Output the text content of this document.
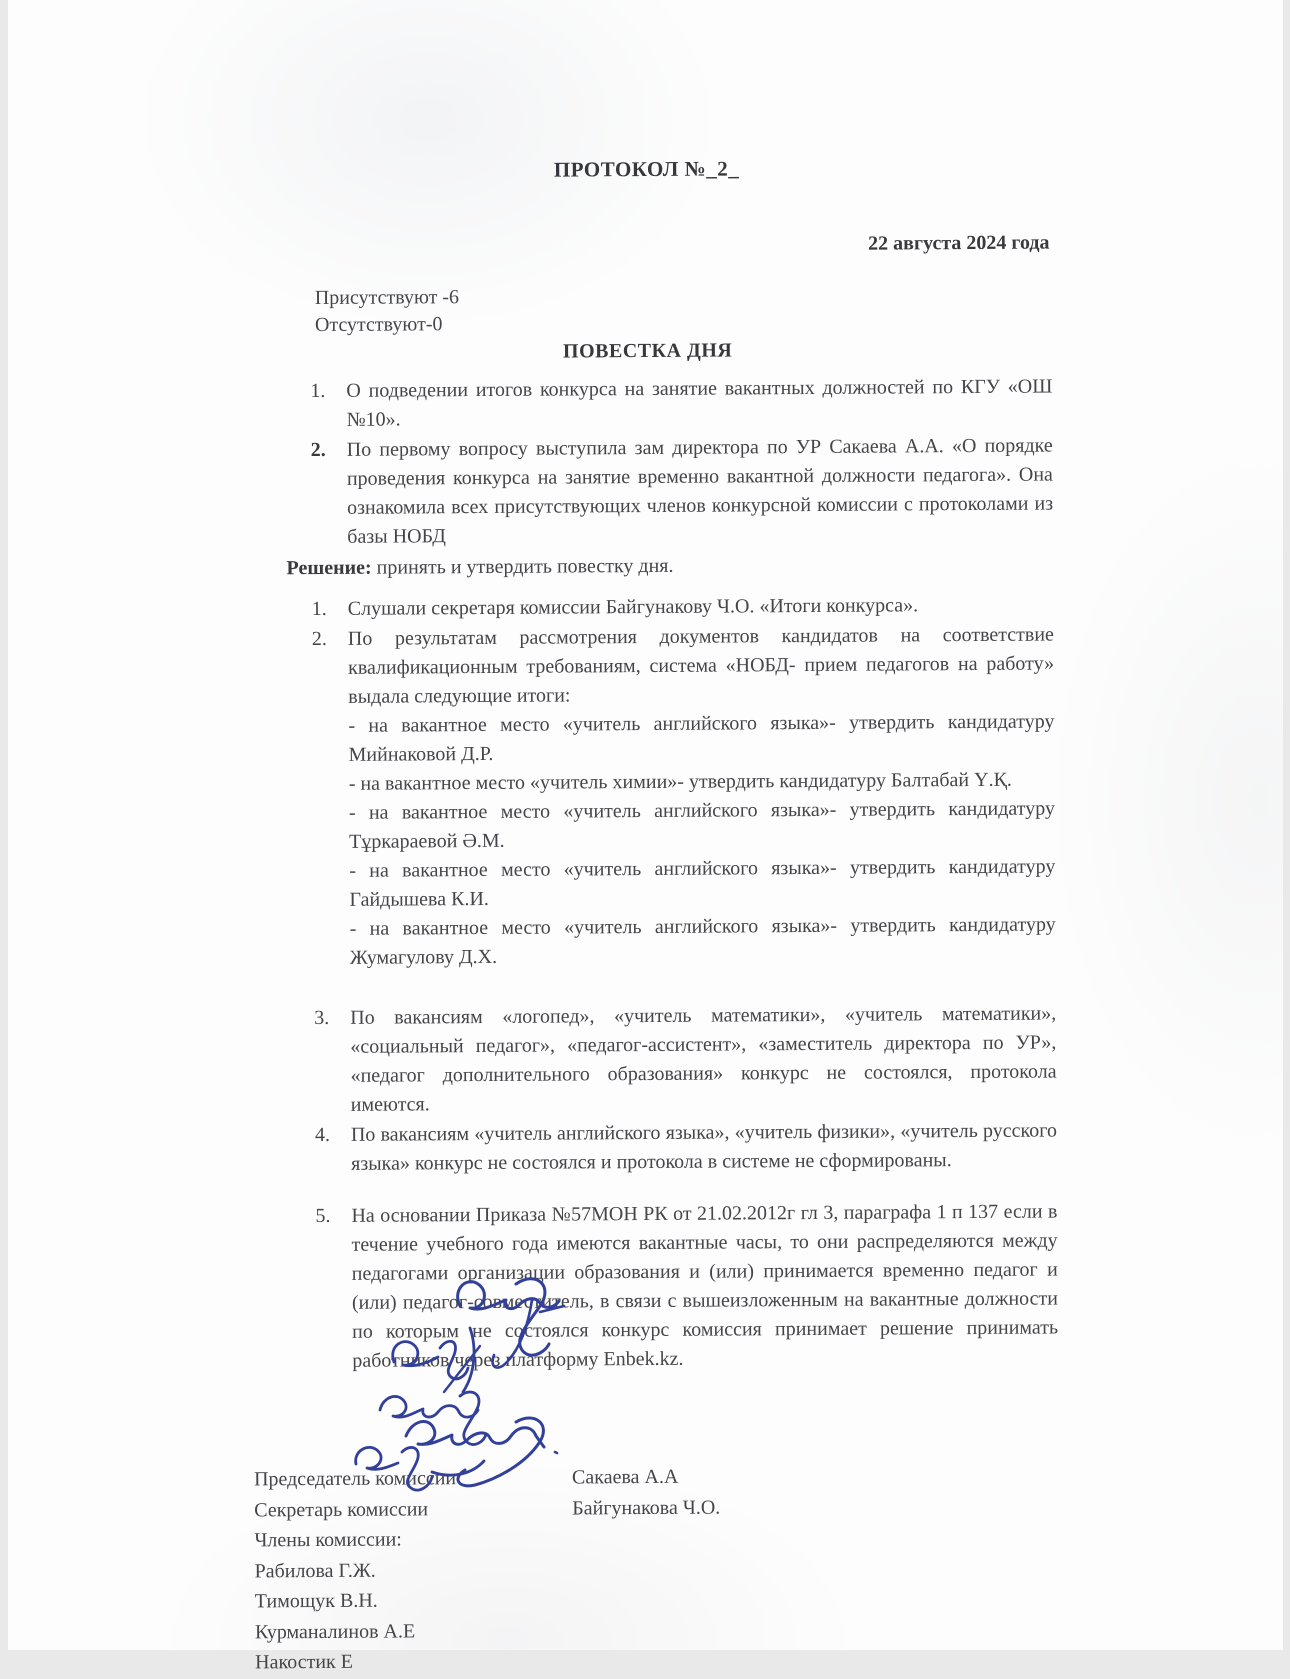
ПРОТОКОЛ №_2_
22 августа 2024 года
Присутствуют -6
Отсутствуют-0
ПОВЕСТКА ДНЯ
1.	О подведении итогов конкурса на занятие вакантных должностей по КГУ «ОШ №10».
2.	По первому вопросу выступила зам директора по УР Сакаева А.А. «О порядке проведения конкурса на занятие временно вакантной должности педагога». Она ознакомила всех присутствующих членов конкурсной комиссии с протоколами из базы НОБД
Решение: принять и утвердить повестку дня.
1.	Слушали секретаря комиссии Байгунакову Ч.О. «Итоги конкурса».
2.	По результатам рассмотрения документов кандидатов на соответствие квалификационным требованиям, система «НОБД- прием педагогов на работу» выдала следующие итоги:

- на вакантное место «учитель английского языка»- утвердить кандидатуру Мийнаковой Д.Р.

- на вакантное место «учитель химии»- утвердить кандидатуру Балтабай Ү.Қ.

- на вакантное место «учитель английского языка»- утвердить кандидатуру Тұркараевой Ә.М.

- на вакантное место «учитель английского языка»- утвердить кандидатуру Гайдышева К.И.

- на вакантное место «учитель английского языка»- утвердить кандидатуру Жумагулову Д.Х.

3.	По вакансиям «логопед», «учитель математики», «учитель математики», «социальный педагог», «педагог-ассистент», «заместитель директора по УР», «педагог дополнительного образования» конкурс не состоялся, протокола имеются.
4.	По вакансиям «учитель английского языка», «учитель физики», «учитель русского языка» конкурс не состоялся и протокола в системе не сформированы.
5.	На основании Приказа №57МОН РК от 21.02.2012г гл 3, параграфа 1 п 137 если в течение учебного года имеются вакантные часы, то они распределяются между педагогами организации образования и (или) принимается временно педагог и (или) педагог-совместитель, в связи с вышеизложенным на вакантные должности по которым не состоялся конкурс комиссия принимает решение принимать работников через платформу Enbek.kz.
Председатель комиссии	Сакаева А.А
Секретарь комиссии	Байгунакова Ч.О.
Члены комиссии:
Рабилова Г.Ж.
Тимощук В.Н.
Курманалинов А.Е
Накостик Е
